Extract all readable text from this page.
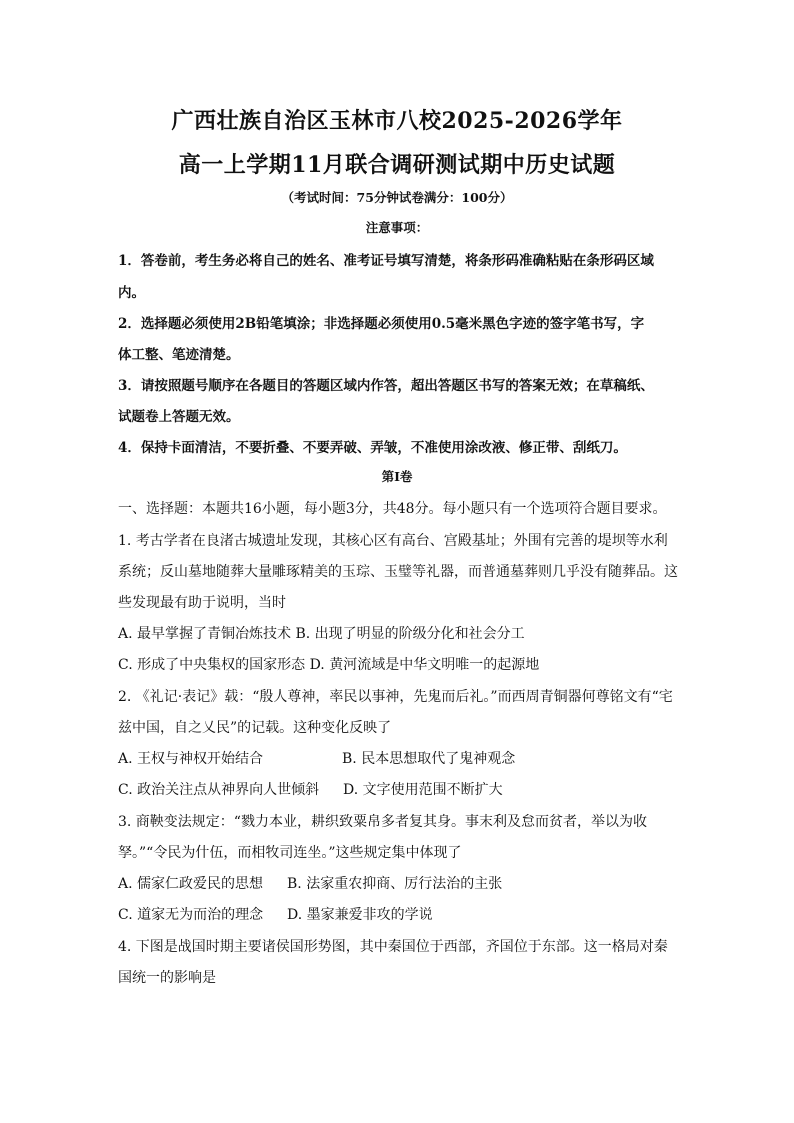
广西壮族自治区玉林市八校2025-2026学年
高一上学期11月联合调研测试期中历史试题
（考试时间：75分钟试卷满分：100分）
注意事项：
1．答卷前，考生务必将自己的姓名、准考证号填写清楚，将条形码准确粘贴在条形码区域
内。
2．选择题必须使用2B铅笔填涂；非选择题必须使用0.5毫米黑色字迹的签字笔书写，字
体工整、笔迹清楚。
3．请按照题号顺序在各题目的答题区域内作答，超出答题区书写的答案无效；在草稿纸、
试题卷上答题无效。
4．保持卡面清洁，不要折叠、不要弄破、弄皱，不准使用涂改液、修正带、刮纸刀。
第I卷
一、选择题：本题共16小题，每小题3分，共48分。每小题只有一个选项符合题目要求。
1. 考古学者在良渚古城遗址发现，其核心区有高台、宫殿基址；外围有完善的堤坝等水利
系统；反山墓地随葬大量雕琢精美的玉琮、玉璧等礼器，而普通墓葬则几乎没有随葬品。这
些发现最有助于说明，当时
A. 最早掌握了青铜冶炼技术 B. 出现了明显的阶级分化和社会分工
C. 形成了中央集权的国家形态 D. 黄河流域是中华文明唯一的起源地
2. 《礼记·表记》载：“殷人尊神，率民以事神，先鬼而后礼。”而西周青铜器何尊铭文有“宅
兹中国，自之乂民”的记载。这种变化反映了
A. 王权与神权开始结合	B. 民本思想取代了鬼神观念
C. 政治关注点从神界向人世倾斜 D. 文字使用范围不断扩大
3. 商鞅变法规定：“戮力本业，耕织致粟帛多者复其身。事末利及怠而贫者，举以为收
孥。”“令民为什伍，而相牧司连坐。”这些规定集中体现了
A. 儒家仁政爱民的思想 B. 法家重农抑商、厉行法治的主张
C. 道家无为而治的理念 D. 墨家兼爱非攻的学说
4. 下图是战国时期主要诸侯国形势图，其中秦国位于西部，齐国位于东部。这一格局对秦
国统一的影响是
